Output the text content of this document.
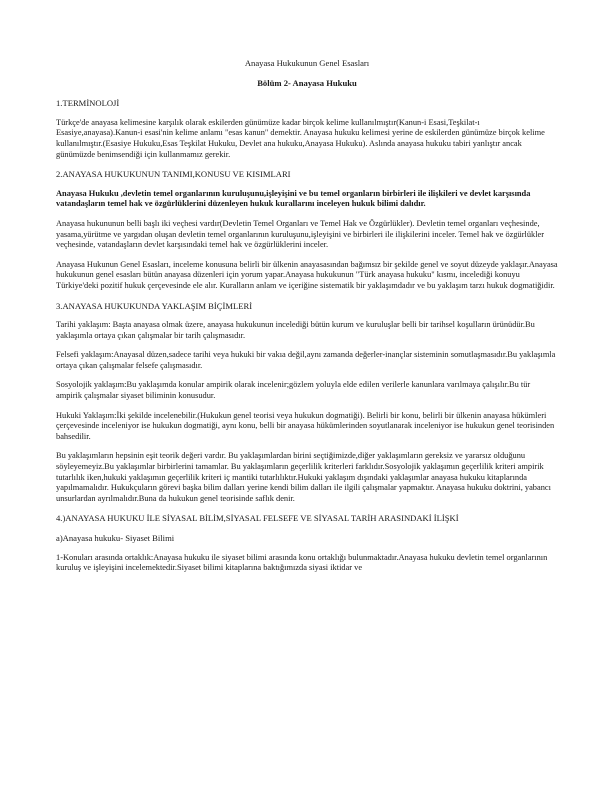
Anayasa Hukukunun Genel Esasları
Bölüm 2- Anayasa Hukuku
1.TERMİNOLOJİ

Türkçe'de anayasa kelimesine karşılık olarak eskilerden günümüze kadar birçok kelime kullanılmıştır(Kanun-i Esasi,Teşkilat-ı Esasiye,anayasa).Kanun-i esasi'nin kelime anlamı "esas kanun" demektir. Anayasa hukuku kelimesi yerine de eskilerden günümüze birçok kelime kullanılmıştır.(Esasiye Hukuku,Esas Teşkilat Hukuku, Devlet ana hukuku,Anayasa Hukuku). Aslında anayasa hukuku tabiri yanlıştır ancak günümüzde benimsendiği için kullanmamız gerekir.

2.ANAYASA HUKUKUNUN TANIMI,KONUSU VE KISIMLARI

Anayasa Hukuku ,devletin temel organlarının kuruluşunu,işleyişini ve bu temel organların birbirleri ile ilişkileri ve devlet karşısında vatandaşların temel hak ve özgürlüklerini düzenleyen hukuk kurallarını inceleyen hukuk bilimi dalıdır.

Anayasa hukununun belli başlı iki veçhesi vardır(Devletin Temel Organları ve Temel Hak ve Özgürlükler). Devletin temel organları veçhesinde, yasama,yürütme ve yargıdan oluşan devletin temel organlarının kuruluşunu,işleyişini ve birbirleri ile ilişkilerini inceler. Temel hak ve özgürlükler veçhesinde, vatandaşların devlet karşısındaki temel hak ve özgürlüklerini inceler.

Anayasa Hukunun Genel Esasları, inceleme konusuna belirli bir ülkenin anayasasından bağımsız bir şekilde genel ve soyut düzeyde yaklaşır.Anayasa hukukunun genel esasları bütün anayasa düzenleri için yorum yapar.Anayasa hukukunun "Türk anayasa hukuku" kısmı, incelediği konuyu Türkiye'deki pozitif hukuk çerçevesinde ele alır. Kuralların anlam ve içeriğine sistematik bir yaklaşımdadır ve bu yaklaşım tarzı hukuk dogmatiğidir.

3.ANAYASA HUKUKUNDA YAKLAŞIM BİÇİMLERİ

Tarihi yaklaşım: Başta anayasa olmak üzere, anayasa hukukunun incelediği bütün kurum ve kuruluşlar belli bir tarihsel koşulların ürünüdür.Bu yaklaşımla ortaya çıkan çalışmalar bir tarih çalışmasıdır.

Felsefi yaklaşım:Anayasal düzen,sadece tarihi veya hukuki bir vakıa değil,aynı zamanda değerler-inançlar sisteminin somutlaşmasıdır.Bu yaklaşımla ortaya çıkan çalışmalar felsefe çalışmasıdır.

Sosyolojik yaklaşım:Bu yaklaşımda konular ampirik olarak incelenir;gözlem yoluyla elde edilen verilerle kanunlara varılmaya çalışılır.Bu tür ampirik çalışmalar siyaset biliminin konusudur.

Hukuki Yaklaşım:İki şekilde incelenebilir.(Hukukun genel teorisi veya hukukun dogmatiği). Belirli bir konu, belirli bir ülkenin anayasa hükümleri çerçevesinde inceleniyor ise hukukun dogmatiği, aynı konu, belli bir anayasa hükümlerinden soyutlanarak inceleniyor ise hukukun genel teorisinden bahsedilir.

Bu yaklaşımların hepsinin eşit teorik değeri vardır. Bu yaklaşımlardan birini seçtiğimizde,diğer yaklaşımların gereksiz ve yararsız olduğunu söyleyemeyiz.Bu yaklaşımlar birbirlerini tamamlar. Bu yaklaşımların geçerlilik kriterleri farklıdır.Sosyolojik yaklaşımın geçerlilik kriteri ampirik tutarlılık iken,hukuki yaklaşımın geçerlilik kriteri iç mantiki tutarlılıktır.Hukuki yaklaşım dışındaki yaklaşımlar anayasa hukuku kitaplarında yapılmamalıdır. Hukukçuların görevi başka bilim dalları yerine kendi bilim dalları ile ilgili çalışmalar yapmaktır. Anayasa hukuku doktrini, yabancı unsurlardan ayrılmalıdır.Buna da hukukun genel teorisinde saflık denir.

4.)ANAYASA HUKUKU İLE SİYASAL BİLİM,SİYASAL FELSEFE VE SİYASAL TARİH ARASINDAKİ İLİŞKİ
a)Anayasa hukuku- Siyaset Bilimi

1-Konuları arasında ortaklık:Anayasa hukuku ile siyaset bilimi arasında konu ortaklığı bulunmaktadır.Anayasa hukuku devletin temel organlarının kuruluş ve işleyişini incelemektedir.Siyaset bilimi kitaplarına baktığımızda siyasi iktidar ve
